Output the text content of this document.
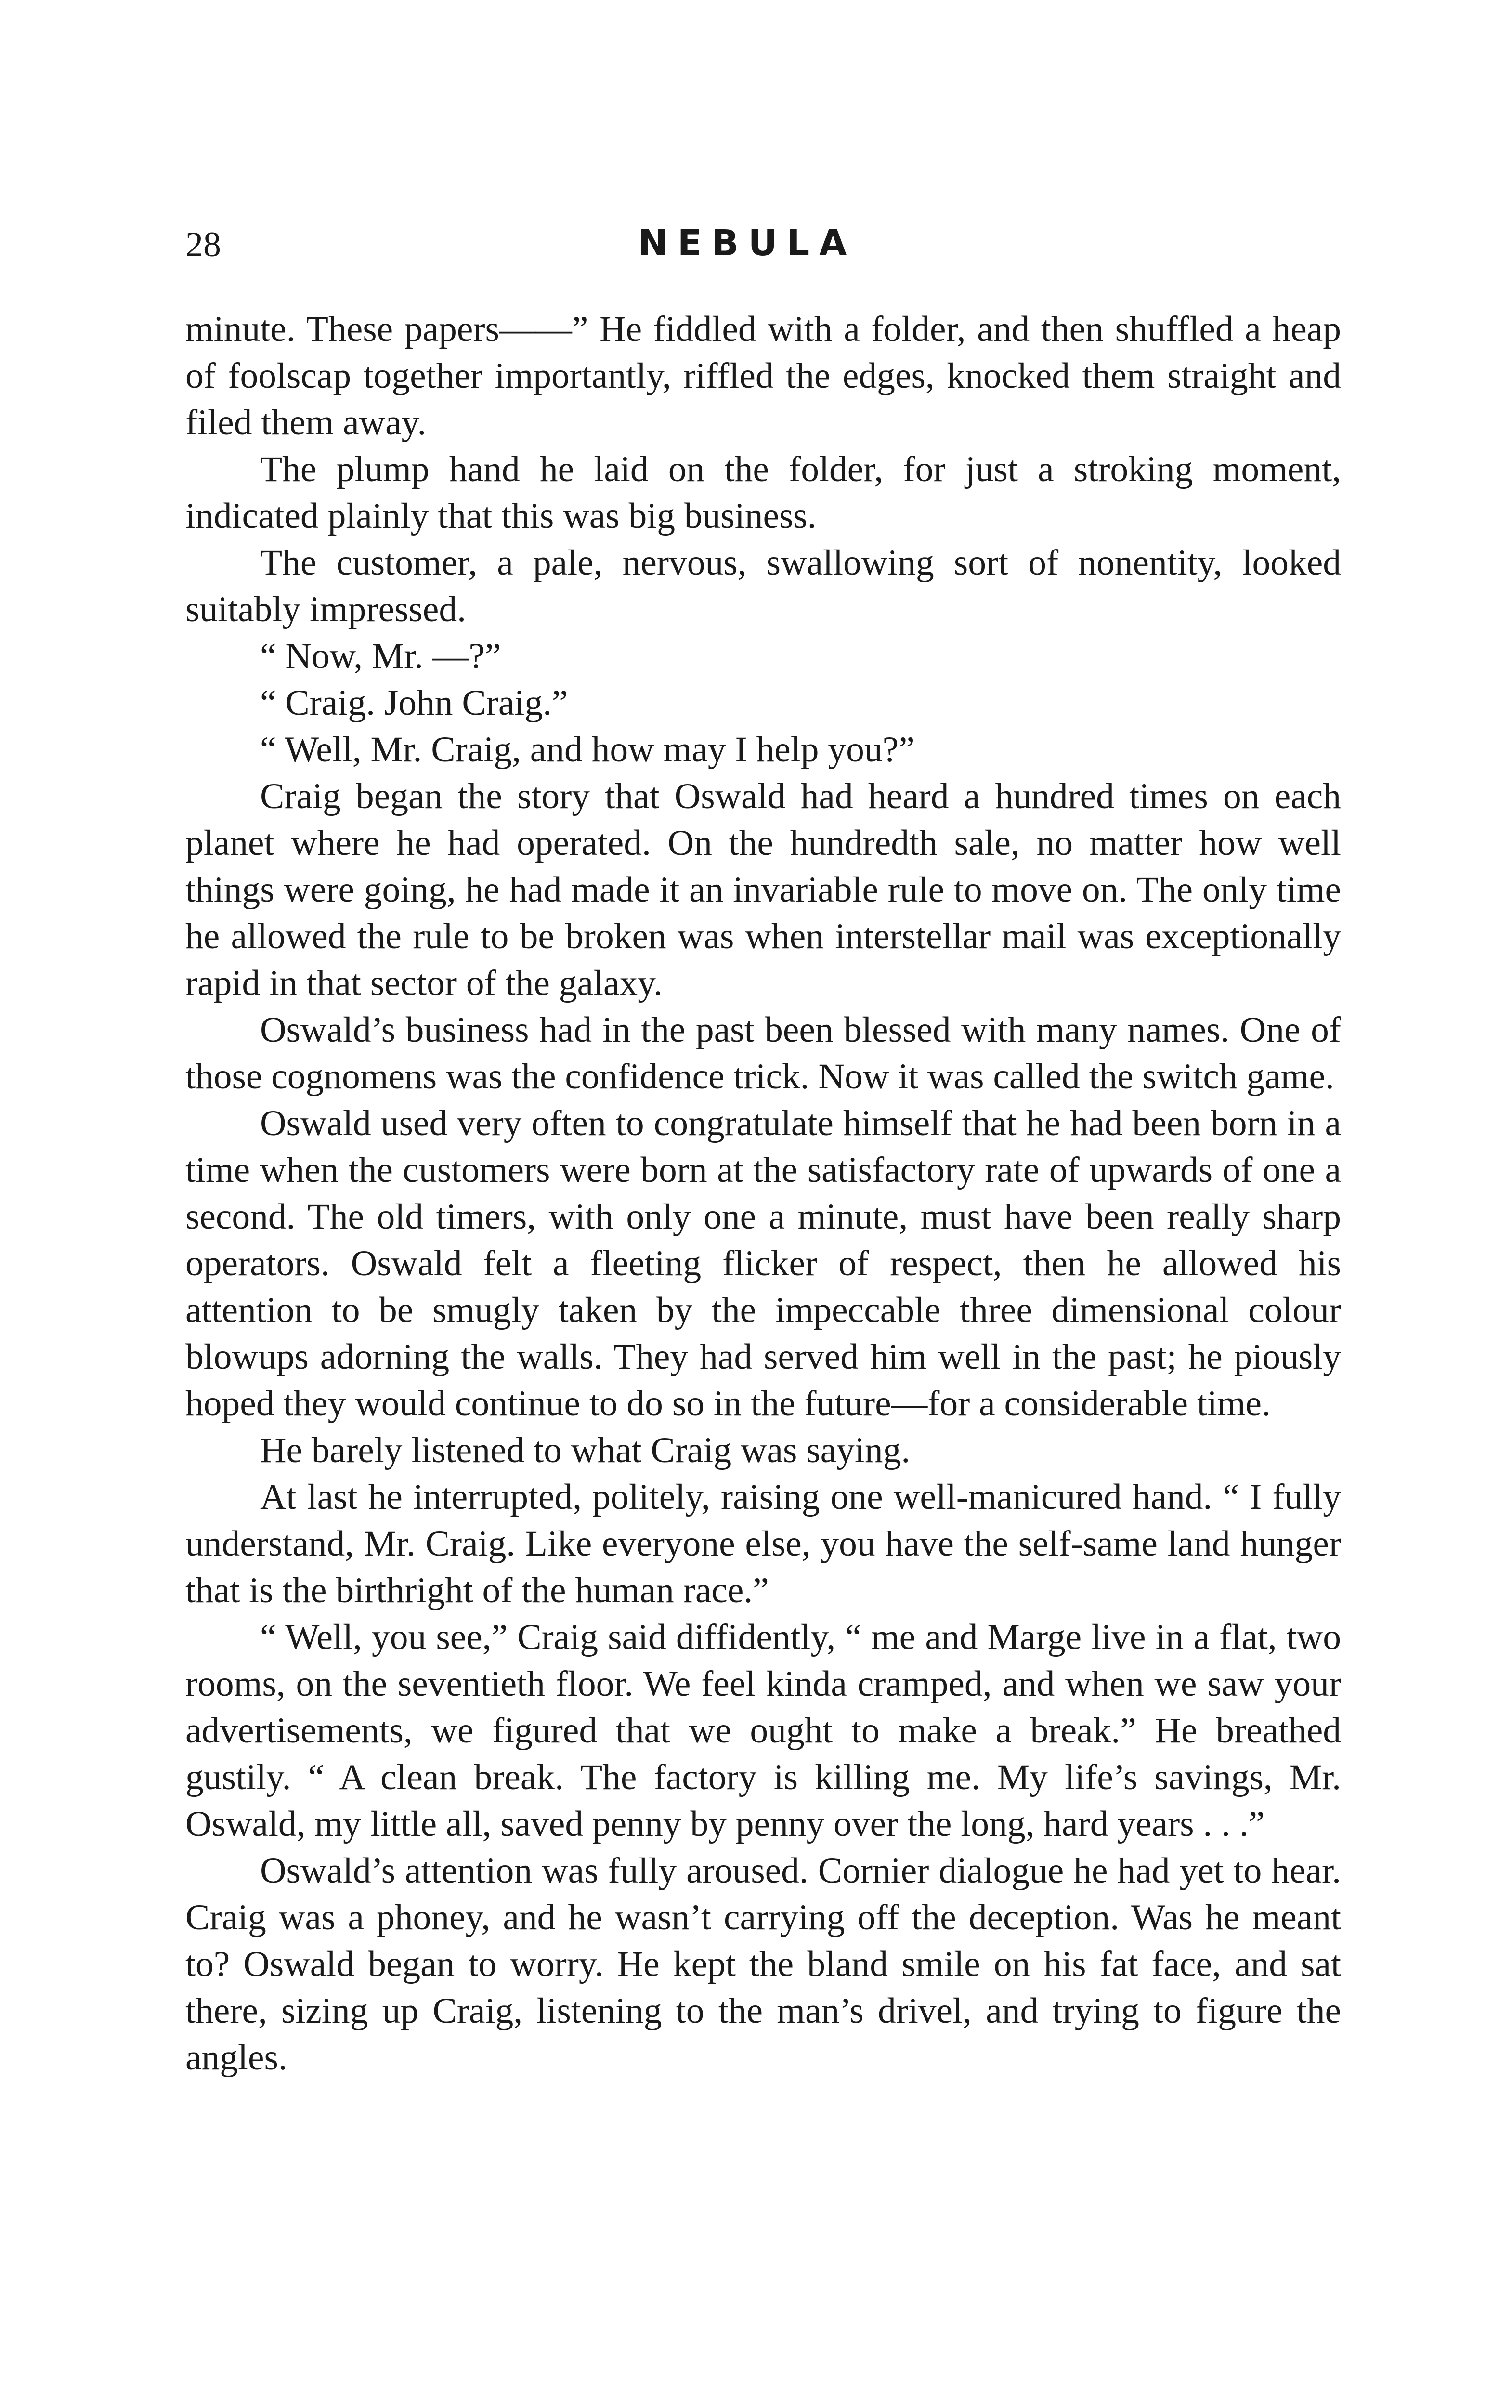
28	NEBULA

minute. These papers——” He fiddled with a folder, and then shuffled a heap of foolscap together importantly, riffled the edges, knocked them straight and filed them away.

The plump hand he laid on the folder, for just a stroking moment, indicated plainly that this was big business.

The customer, a pale, nervous, swallowing sort of nonentity, looked suitably impressed.

“ Now, Mr. —?”

“ Craig. John Craig.”

“ Well, Mr. Craig, and how may I help you?”

Craig began the story that Oswald had heard a hundred times on each planet where he had operated. On the hundredth sale, no matter how well things were going, he had made it an invariable rule to move on. The only time he allowed the rule to be broken was when interstellar mail was exceptionally rapid in that sector of the galaxy.

Oswald’s business had in the past been blessed with many names. One of those cognomens was the confidence trick. Now it was called the switch game.

Oswald used very often to congratulate himself that he had been born in a time when the customers were born at the satisfactory rate of upwards of one a second. The old timers, with only one a minute, must have been really sharp operators. Oswald felt a fleeting flicker of respect, then he allowed his attention to be smugly taken by the impeccable three dimensional colour blowups adorning the walls. They had served him well in the past; he piously hoped they would continue to do so in the future—for a considerable time.

He barely listened to what Craig was saying.

At last he interrupted, politely, raising one well-manicured hand. “ I fully understand, Mr. Craig. Like everyone else, you have the self-same land hunger that is the birthright of the human race.”

“ Well, you see,” Craig said diffidently, “ me and Marge live in a flat, two rooms, on the seventieth floor. We feel kinda cramped, and when we saw your advertisements, we figured that we ought to make a break.” He breathed gustily. “ A clean break. The factory is killing me. My life’s savings, Mr. Oswald, my little all, saved penny by penny over the long, hard years . . .”

Oswald’s attention was fully aroused. Cornier dialogue he had yet to hear. Craig was a phoney, and he wasn’t carrying off the deception. Was he meant to? Oswald began to worry. He kept the bland smile on his fat face, and sat there, sizing up Craig, listening to the man’s drivel, and trying to figure the angles.
